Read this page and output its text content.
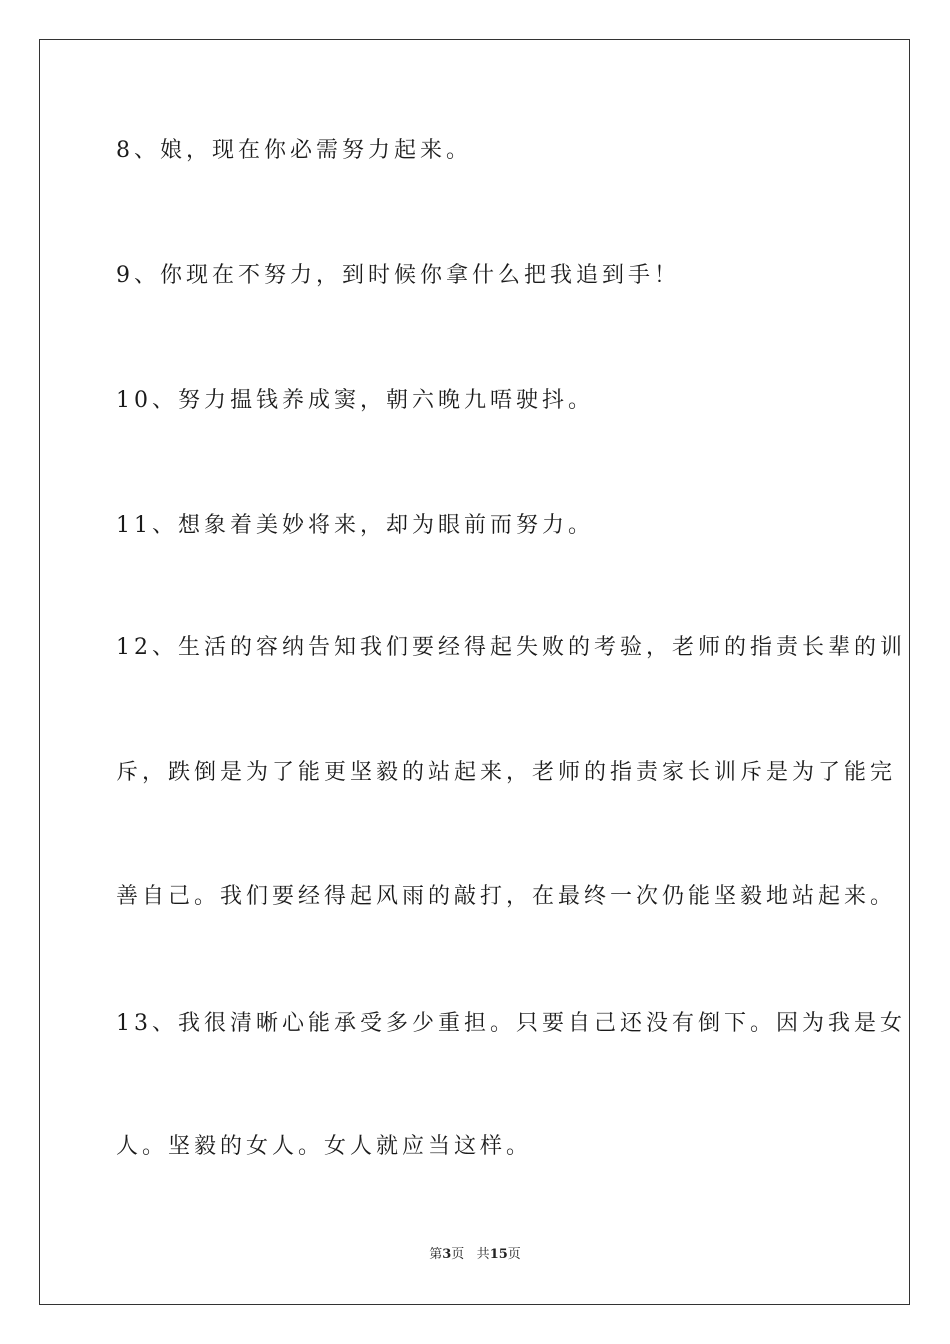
8、娘，现在你必需努力起来。
9、你现在不努力，到时候你拿什么把我追到手！
10、努力揾钱养成窦，朝六晚九唔驶抖。
11、想象着美妙将来，却为眼前而努力。
12、生活的容纳告知我们要经得起失败的考验，老师的指责长辈的训
斥，跌倒是为了能更坚毅的站起来，老师的指责家长训斥是为了能完
善自己。我们要经得起风雨的敲打，在最终一次仍能坚毅地站起来。
13、我很清晰心能承受多少重担。只要自己还没有倒下。因为我是女
人。坚毅的女人。女人就应当这样。
第3页 共15页
